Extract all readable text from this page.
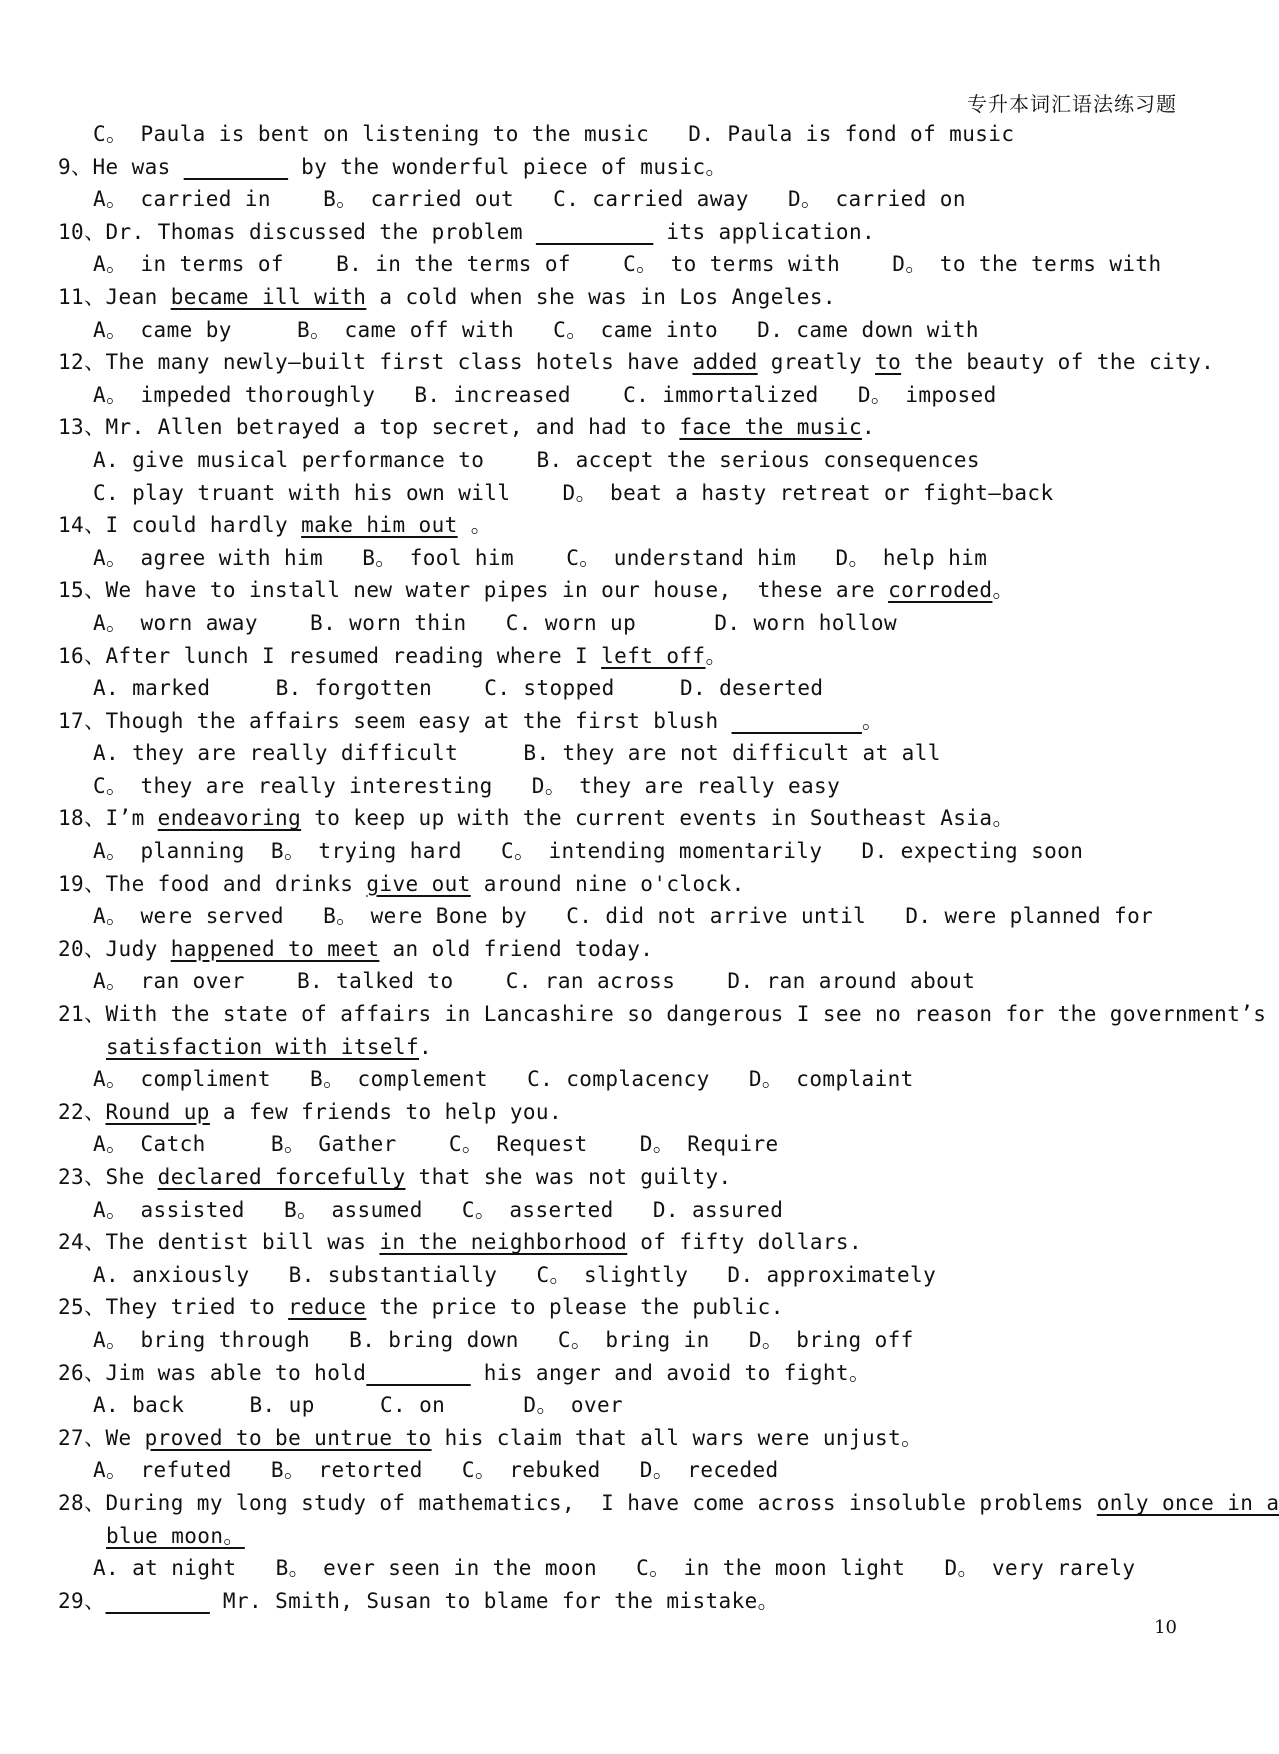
专升本词汇语法练习题
C。 Paula is bent on listening to the music   D. Paula is fond of music
9、He was ________ by the wonderful piece of music。
A。 carried in    B。 carried out   C. carried away   D。 carried on
10、Dr. Thomas discussed the problem _________ its application.
A。 in terms of    B. in the terms of    C。 to terms with    D。 to the terms with
11、Jean became ill with a cold when she was in Los Angeles.
A。 came by     B。 came off with   C。 came into   D. came down with
12、The many newly—built first class hotels have added greatly to the beauty of the city.
A。 impeded thoroughly   B. increased    C. immortalized   D。 imposed
13、Mr. Allen betrayed a top secret, and had to face the music.
A. give musical performance to    B. accept the serious consequences
C. play truant with his own will    D。 beat a hasty retreat or fight—back
14、I could hardly make him out 。
A。 agree with him   B。 fool him    C。 understand him   D。 help him
15、We have to install new water pipes in our house,  these are corroded。
A。 worn away    B. worn thin   C. worn up      D. worn hollow
16、After lunch I resumed reading where I left off。
A. marked     B. forgotten    C. stopped     D. deserted
17、Though the affairs seem easy at the first blush __________。
A. they are really difficult     B. they are not difficult at all
C。 they are really interesting   D。 they are really easy
18、I’m endeavoring to keep up with the current events in Southeast Asia。
A。 planning  B。 trying hard   C。 intending momentarily   D. expecting soon
19、The food and drinks give out around nine o'clock.
A。 were served   B。 were Bone by   C. did not arrive until   D. were planned for
20、Judy happened to meet an old friend today.
A。 ran over    B. talked to    C. ran across    D. ran around about
21、With the state of affairs in Lancashire so dangerous I see no reason for the government’s
satisfaction with itself.
A。 compliment   B。 complement   C. complacency   D。 complaint
22、Round up a few friends to help you.
A。 Catch     B。 Gather    C。 Request    D。 Require
23、She declared forcefully that she was not guilty.
A。 assisted   B。 assumed   C。 asserted   D. assured
24、The dentist bill was in the neighborhood of fifty dollars.
A. anxiously   B. substantially   C。 slightly   D. approximately
25、They tried to reduce the price to please the public.
A。 bring through   B. bring down   C。 bring in   D。 bring off
26、Jim was able to hold________ his anger and avoid to fight。
A. back     B. up     C. on      D。 over
27、We proved to be untrue to his claim that all wars were unjust。
A。 refuted   B。 retorted   C。 rebuked   D。 receded
28、During my long study of mathematics,  I have come across insoluble problems only once in a
blue moon。
A. at night   B。 ever seen in the moon   C。 in the moon light   D。 very rarely
29、________ Mr. Smith, Susan to blame for the mistake。
10
